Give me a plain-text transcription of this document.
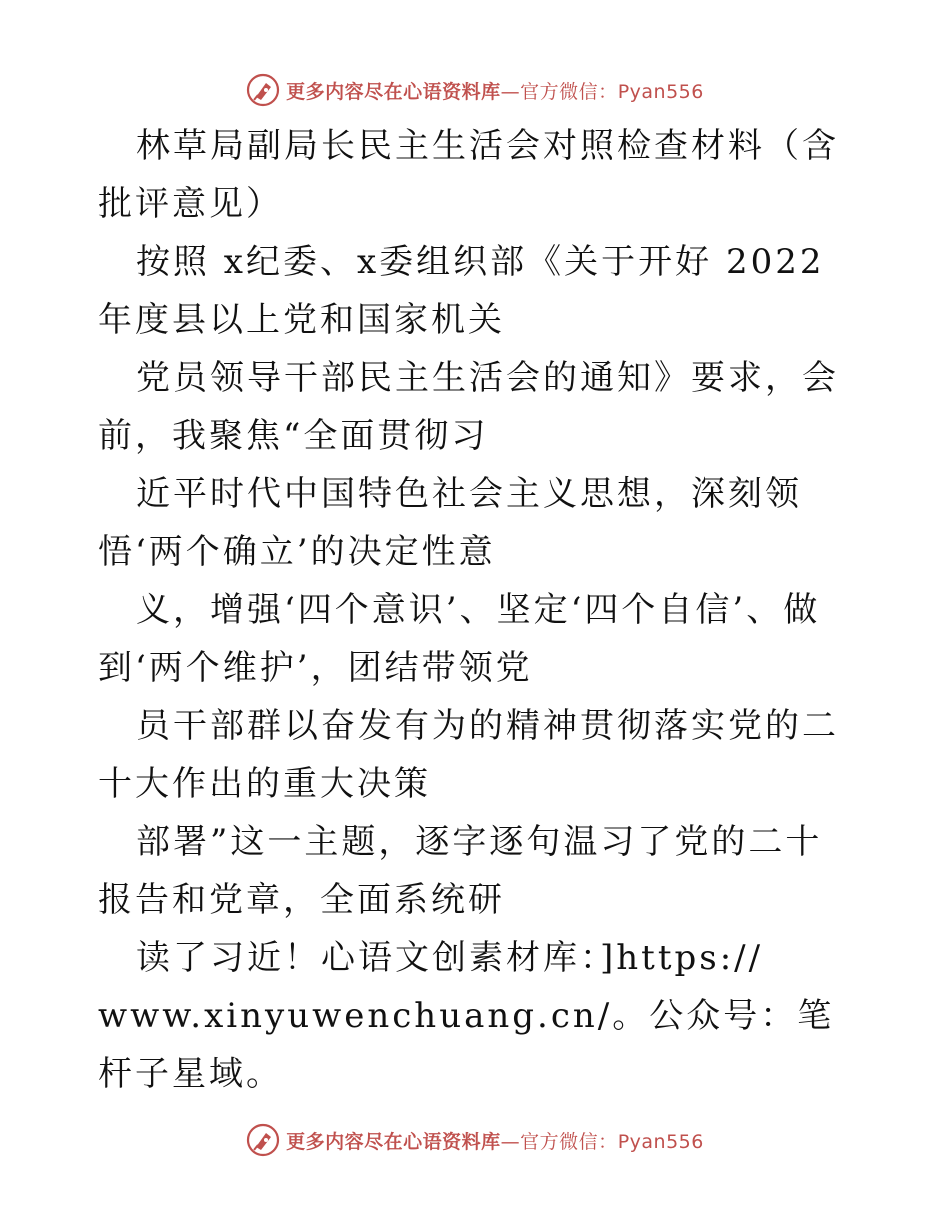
更多内容尽在心语资料库—官方微信：Pyan556

林草局副局长民主生活会对照检查材料（含批评意见）

按照 x纪委、x委组织部《关于开好 2022 年度县以上党和国家机关

党员领导干部民主生活会的通知》要求，会前，我聚焦“全面贯彻习

近平时代中国特色社会主义思想，深刻领悟‘两个确立’的决定性意

义，增强‘四个意识’、坚定‘四个自信’、做到‘两个维护’，团结带领党

员干部群以奋发有为的精神贯彻落实党的二十大作出的重大决策

部署”这一主题，逐字逐句温习了党的二十报告和党章，全面系统研

读了习近！心语文创素材库：]https://

www.xinyuwenchuang.cn/。公众号：笔杆子星域。

更多内容尽在心语资料库—官方微信：Pyan556
